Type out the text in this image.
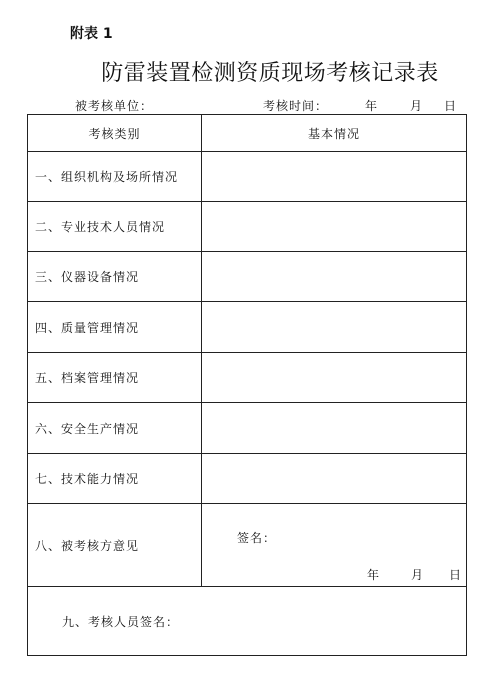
附表 1
防雷装置检测资质现场考核记录表
被考核单位：	考核时间：	年	月 日
考核类别	基本情况
一、组织机构及场所情况
二、专业技术人员情况
三、仪器设备情况
四、质量管理情况
五、档案管理情况
六、安全生产情况
七、技术能力情况
八、被考核方意见
签名：
年	月 日
九、考核人员签名：
